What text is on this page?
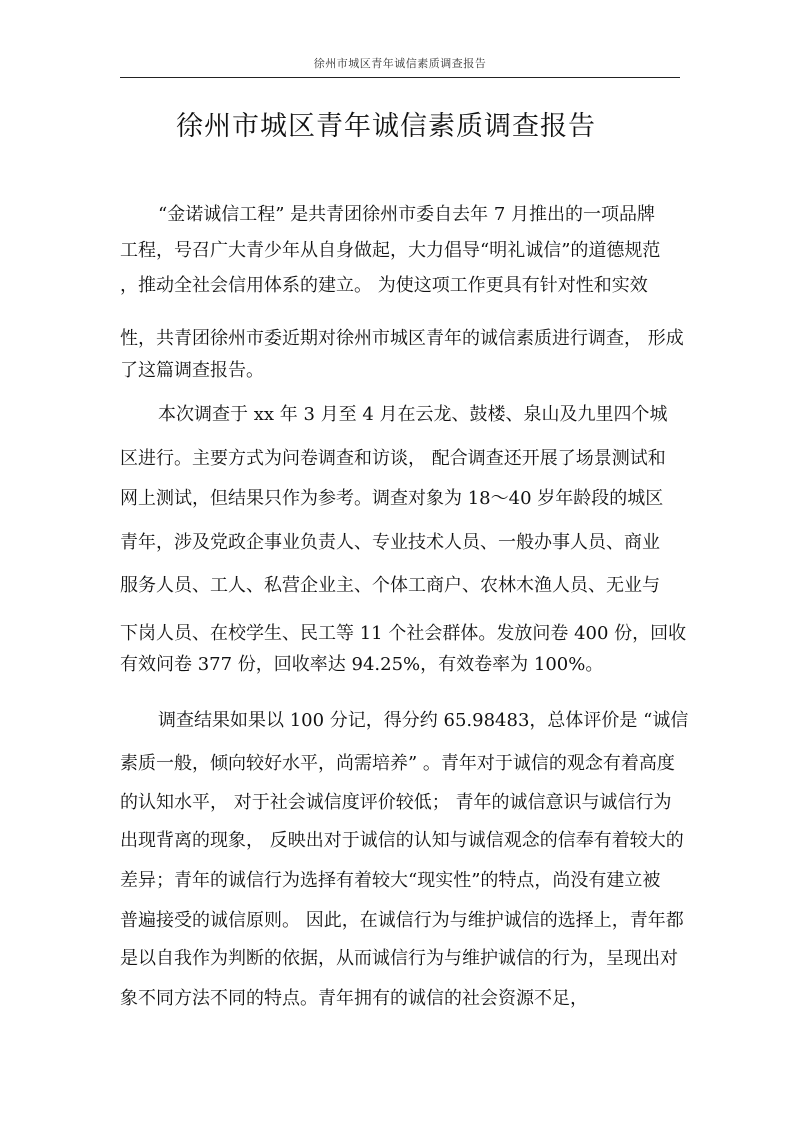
徐州市城区青年诚信素质调查报告
徐州市城区青年诚信素质调查报告
“金诺诚信工程” 是共青团徐州市委自去年 7 月推出的一项品牌
工程，号召广大青少年从自身做起，大力倡导“明礼诚信”的道德规范
，推动全社会信用体系的建立。 为使这项工作更具有针对性和实效
性，共青团徐州市委近期对徐州市城区青年的诚信素质进行调查， 形成
了这篇调查报告。
本次调查于 xx 年 3 月至 4 月在云龙、鼓楼、泉山及九里四个城
区进行。主要方式为问卷调查和访谈， 配合调查还开展了场景测试和
网上测试，但结果只作为参考。调查对象为 18～40 岁年龄段的城区
青年，涉及党政企事业负责人、专业技术人员、一般办事人员、商业
服务人员、工人、私营企业主、个体工商户、农林木渔人员、无业与
下岗人员、在校学生、民工等 11 个社会群体。发放问卷 400 份，回收
有效问卷 377 份，回收率达 94.25%，有效卷率为 100%。
调查结果如果以 100 分记，得分约 65.98483，总体评价是 “诚信
素质一般，倾向较好水平，尚需培养” 。青年对于诚信的观念有着高度
的认知水平， 对于社会诚信度评价较低； 青年的诚信意识与诚信行为
出现背离的现象， 反映出对于诚信的认知与诚信观念的信奉有着较大的
差异；青年的诚信行为选择有着较大“现实性”的特点，尚没有建立被
普遍接受的诚信原则。 因此，在诚信行为与维护诚信的选择上，青年都
是以自我作为判断的依据，从而诚信行为与维护诚信的行为，呈现出对
象不同方法不同的特点。青年拥有的诚信的社会资源不足，
